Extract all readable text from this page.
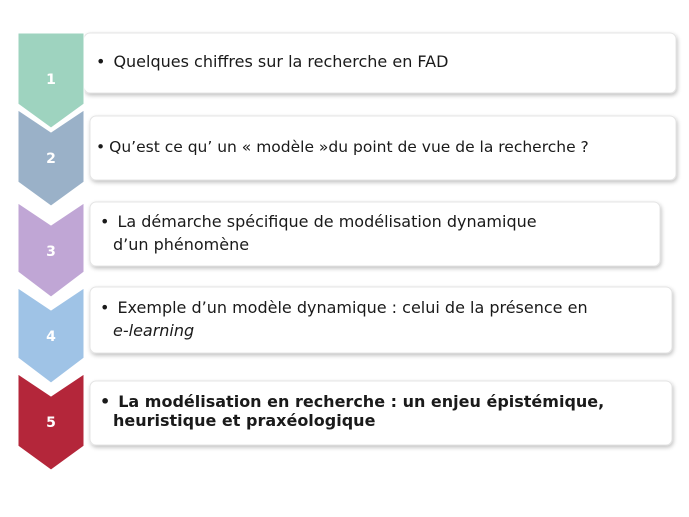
1
2
3
4
5
• Quelques chiffres sur la recherche en FAD
• Qu’est ce qu’ un « modèle »du point de vue de la recherche ?
• La démarche spécifique de modélisation dynamique
d’un phénomène
• Exemple d’un modèle dynamique : celui de la présence en
e-learning
• La modélisation en recherche : un enjeu épistémique,
heuristique et praxéologique
